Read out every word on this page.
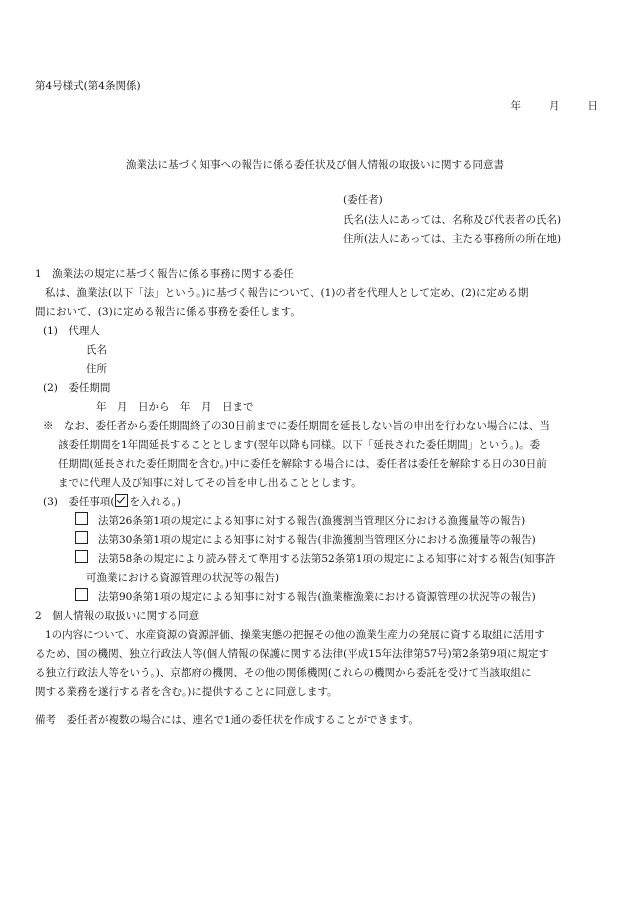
第4号様式(第4条関係)
年	月	日
漁業法に基づく知事への報告に係る委任状及び個人情報の取扱いに関する同意書
(委任者)
氏名(法人にあっては、名称及び代表者の氏名)
住所(法人にあっては、主たる事務所の所在地)
1　漁業法の規定に基づく報告に係る事務に関する委任
私は、漁業法(以下「法」という。)に基づく報告について、(1)の者を代理人として定め、(2)に定める期
間において、(3)に定める報告に係る事務を委任します。
(1)　代理人
氏名
住所
(2)　委任期間
年　月　日から　年　月　日まで
※　なお、委任者から委任期間終了の30日前までに委任期間を延長しない旨の申出を行わない場合には、当
該委任期間を1年間延長することとします(翌年以降も同様。以下「延長された委任期間」という。)。委
任期間(延長された委任期間を含む。)中に委任を解除する場合には、委任者は委任を解除する日の30日前
までに代理人及び知事に対してその旨を申し出ることとします。
(3)　委任事項( を入れる。)
法第26条第1項の規定による知事に対する報告(漁獲割当管理区分における漁獲量等の報告)
法第30条第1項の規定による知事に対する報告(非漁獲割当管理区分における漁獲量等の報告)
法第58条の規定により読み替えて準用する法第52条第1項の規定による知事に対する報告(知事許
可漁業における資源管理の状況等の報告)
法第90条第1項の規定による知事に対する報告(漁業権漁業における資源管理の状況等の報告)
2　個人情報の取扱いに関する同意
1の内容について、水産資源の資源評価、操業実態の把握その他の漁業生産力の発展に資する取組に活用す
るため、国の機関、独立行政法人等(個人情報の保護に関する法律(平成15年法律第57号)第2条第9項に規定す
る独立行政法人等をいう。)、京都府の機関、その他の関係機関(これらの機関から委託を受けて当該取組に
関する業務を遂行する者を含む。)に提供することに同意します。
備考　委任者が複数の場合には、連名で1通の委任状を作成することができます。
